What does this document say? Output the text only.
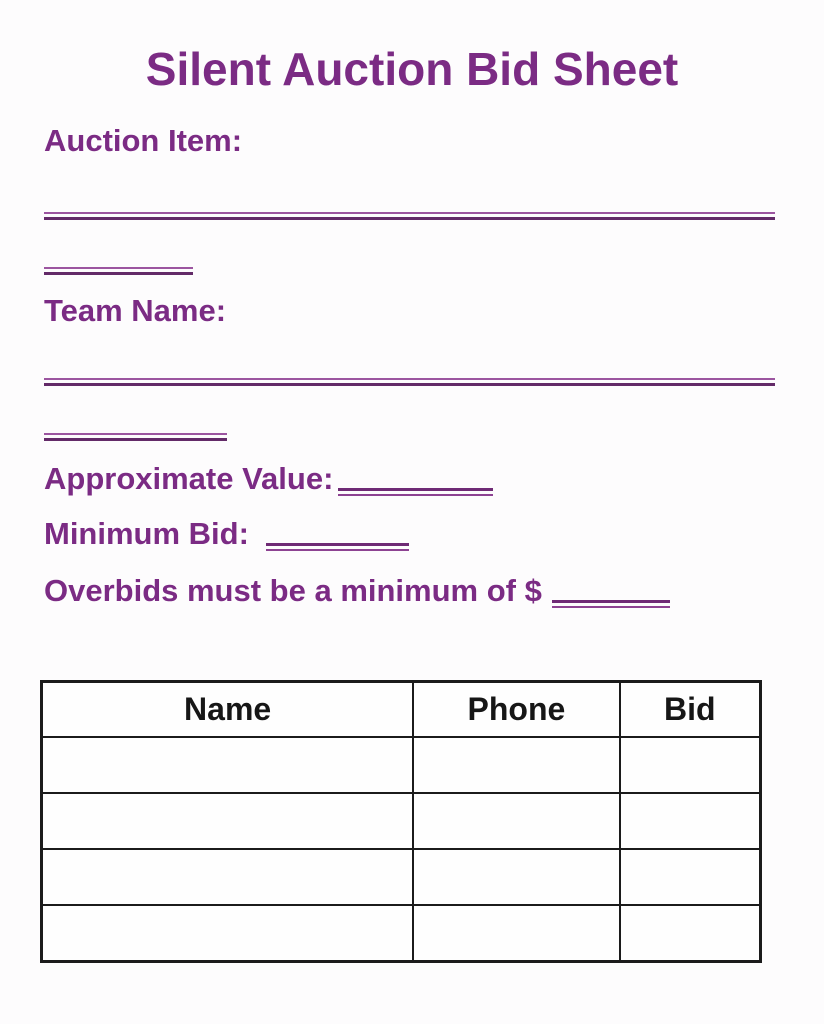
Silent Auction Bid Sheet
Auction Item:
Team Name:
Approximate Value:
Minimum Bid:
Overbids must be a minimum of $
Name	Phone	Bid
